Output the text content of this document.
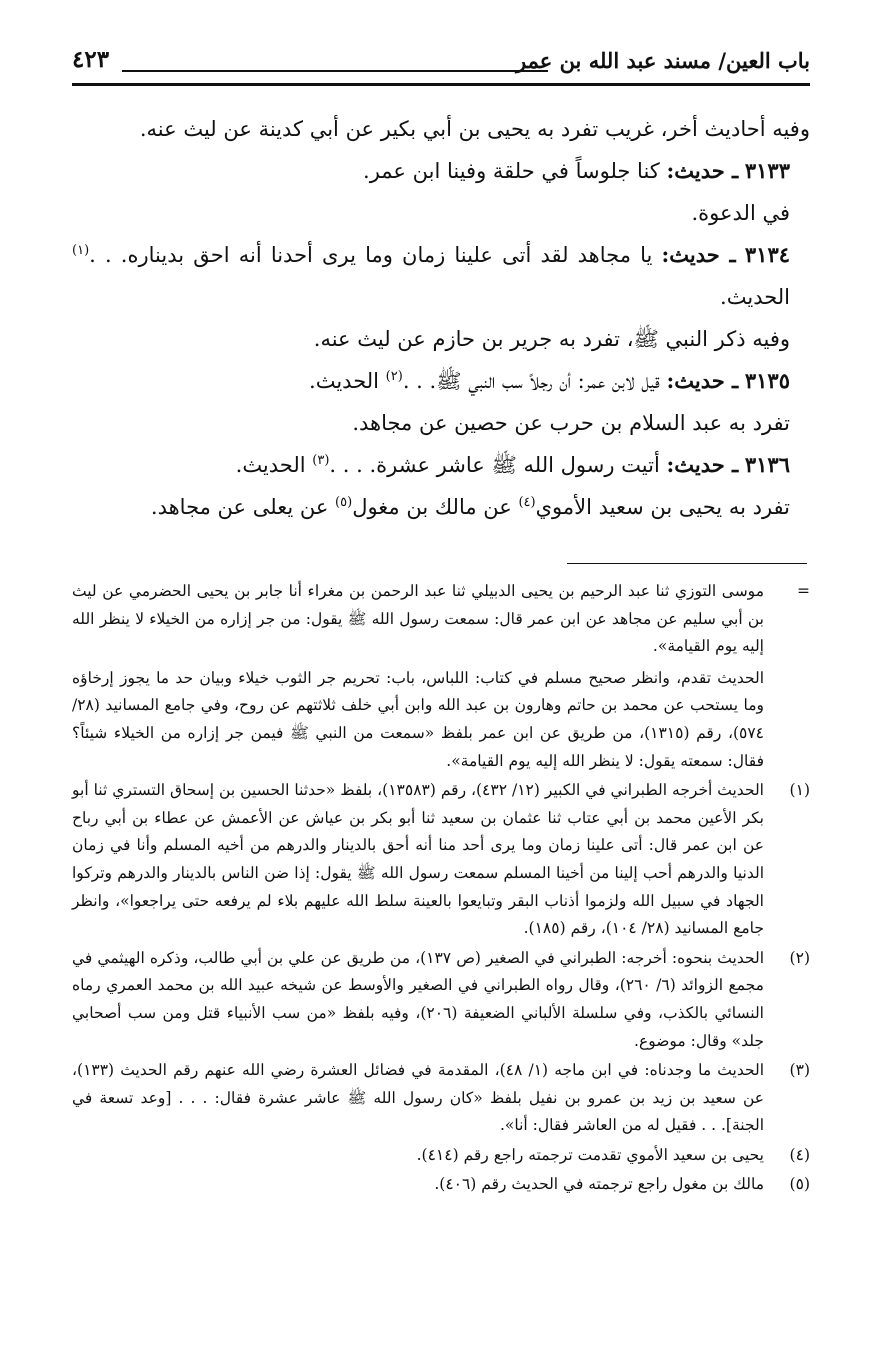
باب العين/ مسند عبد الله بن عمر
٤٢٣

وفيه أحاديث أخر، غريب تفرد به يحيى بن أبي بكير عن أبي كدينة عن ليث عنه.

٣١٣٣ ـ حديث: كنا جلوساً في حلقة وفينا ابن عمر.

في الدعوة.

٣١٣٤ ـ حديث: يا مجاهد لقد أتى علينا زمان وما يرى أحدنا أنه احق بديناره. . .$^{(١)}$ الحديث.

وفيه ذكر النبي ﷺ، تفرد به جرير بن حازم عن ليث عنه.

٣١٣٥ ـ حديث: قيل لابن عمر: أن رجلاً سب النبي ﷺ. . .$^{(٢)}$ الحديث.

تفرد به عبد السلام بن حرب عن حصين عن مجاهد.

٣١٣٦ ـ حديث: أتيت رسول الله ﷺ عاشر عشرة. . . .$^{(٣)}$ الحديث.

تفرد به يحيى بن سعيد الأموي$^{(٤)}$ عن مالك بن مغول$^{(٥)}$ عن يعلى عن مجاهد.

=
موسى التوزي ثنا عبد الرحيم بن يحيى الدبيلي ثنا عبد الرحمن بن مغراء أنا جابر بن يحيى الحضرمي عن ليث بن أبي سليم عن مجاهد عن ابن عمر قال: سمعت رسول الله ﷺ يقول: من جر إزاره من الخيلاء لا ينظر الله إليه يوم القيامة».
الحديث تقدم، وانظر صحيح مسلم في كتاب: اللباس، باب: تحريم جر الثوب خيلاء وبيان حد ما يجوز إرخاؤه وما يستحب عن محمد بن حاتم وهارون بن عبد الله وابن أبي خلف ثلاثتهم عن روح، وفي جامع المسانيد (٢٨/ ٥٧٤)، رقم (١٣١٥)، من طريق عن ابن عمر بلفظ «سمعت من النبي ﷺ فيمن جر إزاره من الخيلاء شيئاً؟ فقال: سمعته يقول: لا ينظر الله إليه يوم القيامة».
(١)
الحديث أخرجه الطبراني في الكبير (١٢/ ٤٣٢)، رقم (١٣٥٨٣)، بلفظ «حدثنا الحسين بن إسحاق التستري ثنا أبو بكر الأعين محمد بن أبي عتاب ثنا عثمان بن سعيد ثنا أبو بكر بن عياش عن الأعمش عن عطاء بن أبي رباح عن ابن عمر قال: أتى علينا زمان وما يرى أحد منا أنه أحق بالدينار والدرهم من أخيه المسلم وأنا في زمان الدنيا والدرهم أحب إلينا من أخينا المسلم سمعت رسول الله ﷺ يقول: إذا ضن الناس بالدينار والدرهم وتركوا الجهاد في سبيل الله ولزموا أذناب البقر وتبايعوا بالعينة سلط الله عليهم بلاء لم يرفعه حتى يراجعوا»، وانظر جامع المسانيد (٢٨/ ١٠٤)، رقم (١٨٥).
(٢)
الحديث بنحوه: أخرجه: الطبراني في الصغير (ص ١٣٧)، من طريق عن علي بن أبي طالب، وذكره الهيثمي في مجمع الزوائد (٦/ ٢٦٠)، وقال رواه الطبراني في الصغير والأوسط عن شيخه عبيد الله بن محمد العمري رماه النسائي بالكذب، وفي سلسلة الألباني الضعيفة (٢٠٦)، وفيه بلفظ «من سب الأنبياء قتل ومن سب أصحابي جلد» وقال: موضوع.
(٣)
الحديث ما وجدناه: في ابن ماجه (١/ ٤٨)، المقدمة في فضائل العشرة رضي الله عنهم رقم الحديث (١٣٣)، عن سعيد بن زيد بن عمرو بن نفيل بلفظ «كان رسول الله ﷺ عاشر عشرة فقال: . . . [وعد تسعة في الجنة]. . . فقيل له من العاشر فقال: أنا».
(٤)
يحيى بن سعيد الأموي تقدمت ترجمته راجع رقم (٤١٤).
(٥)
مالك بن مغول راجع ترجمته في الحديث رقم (٤٠٦).
